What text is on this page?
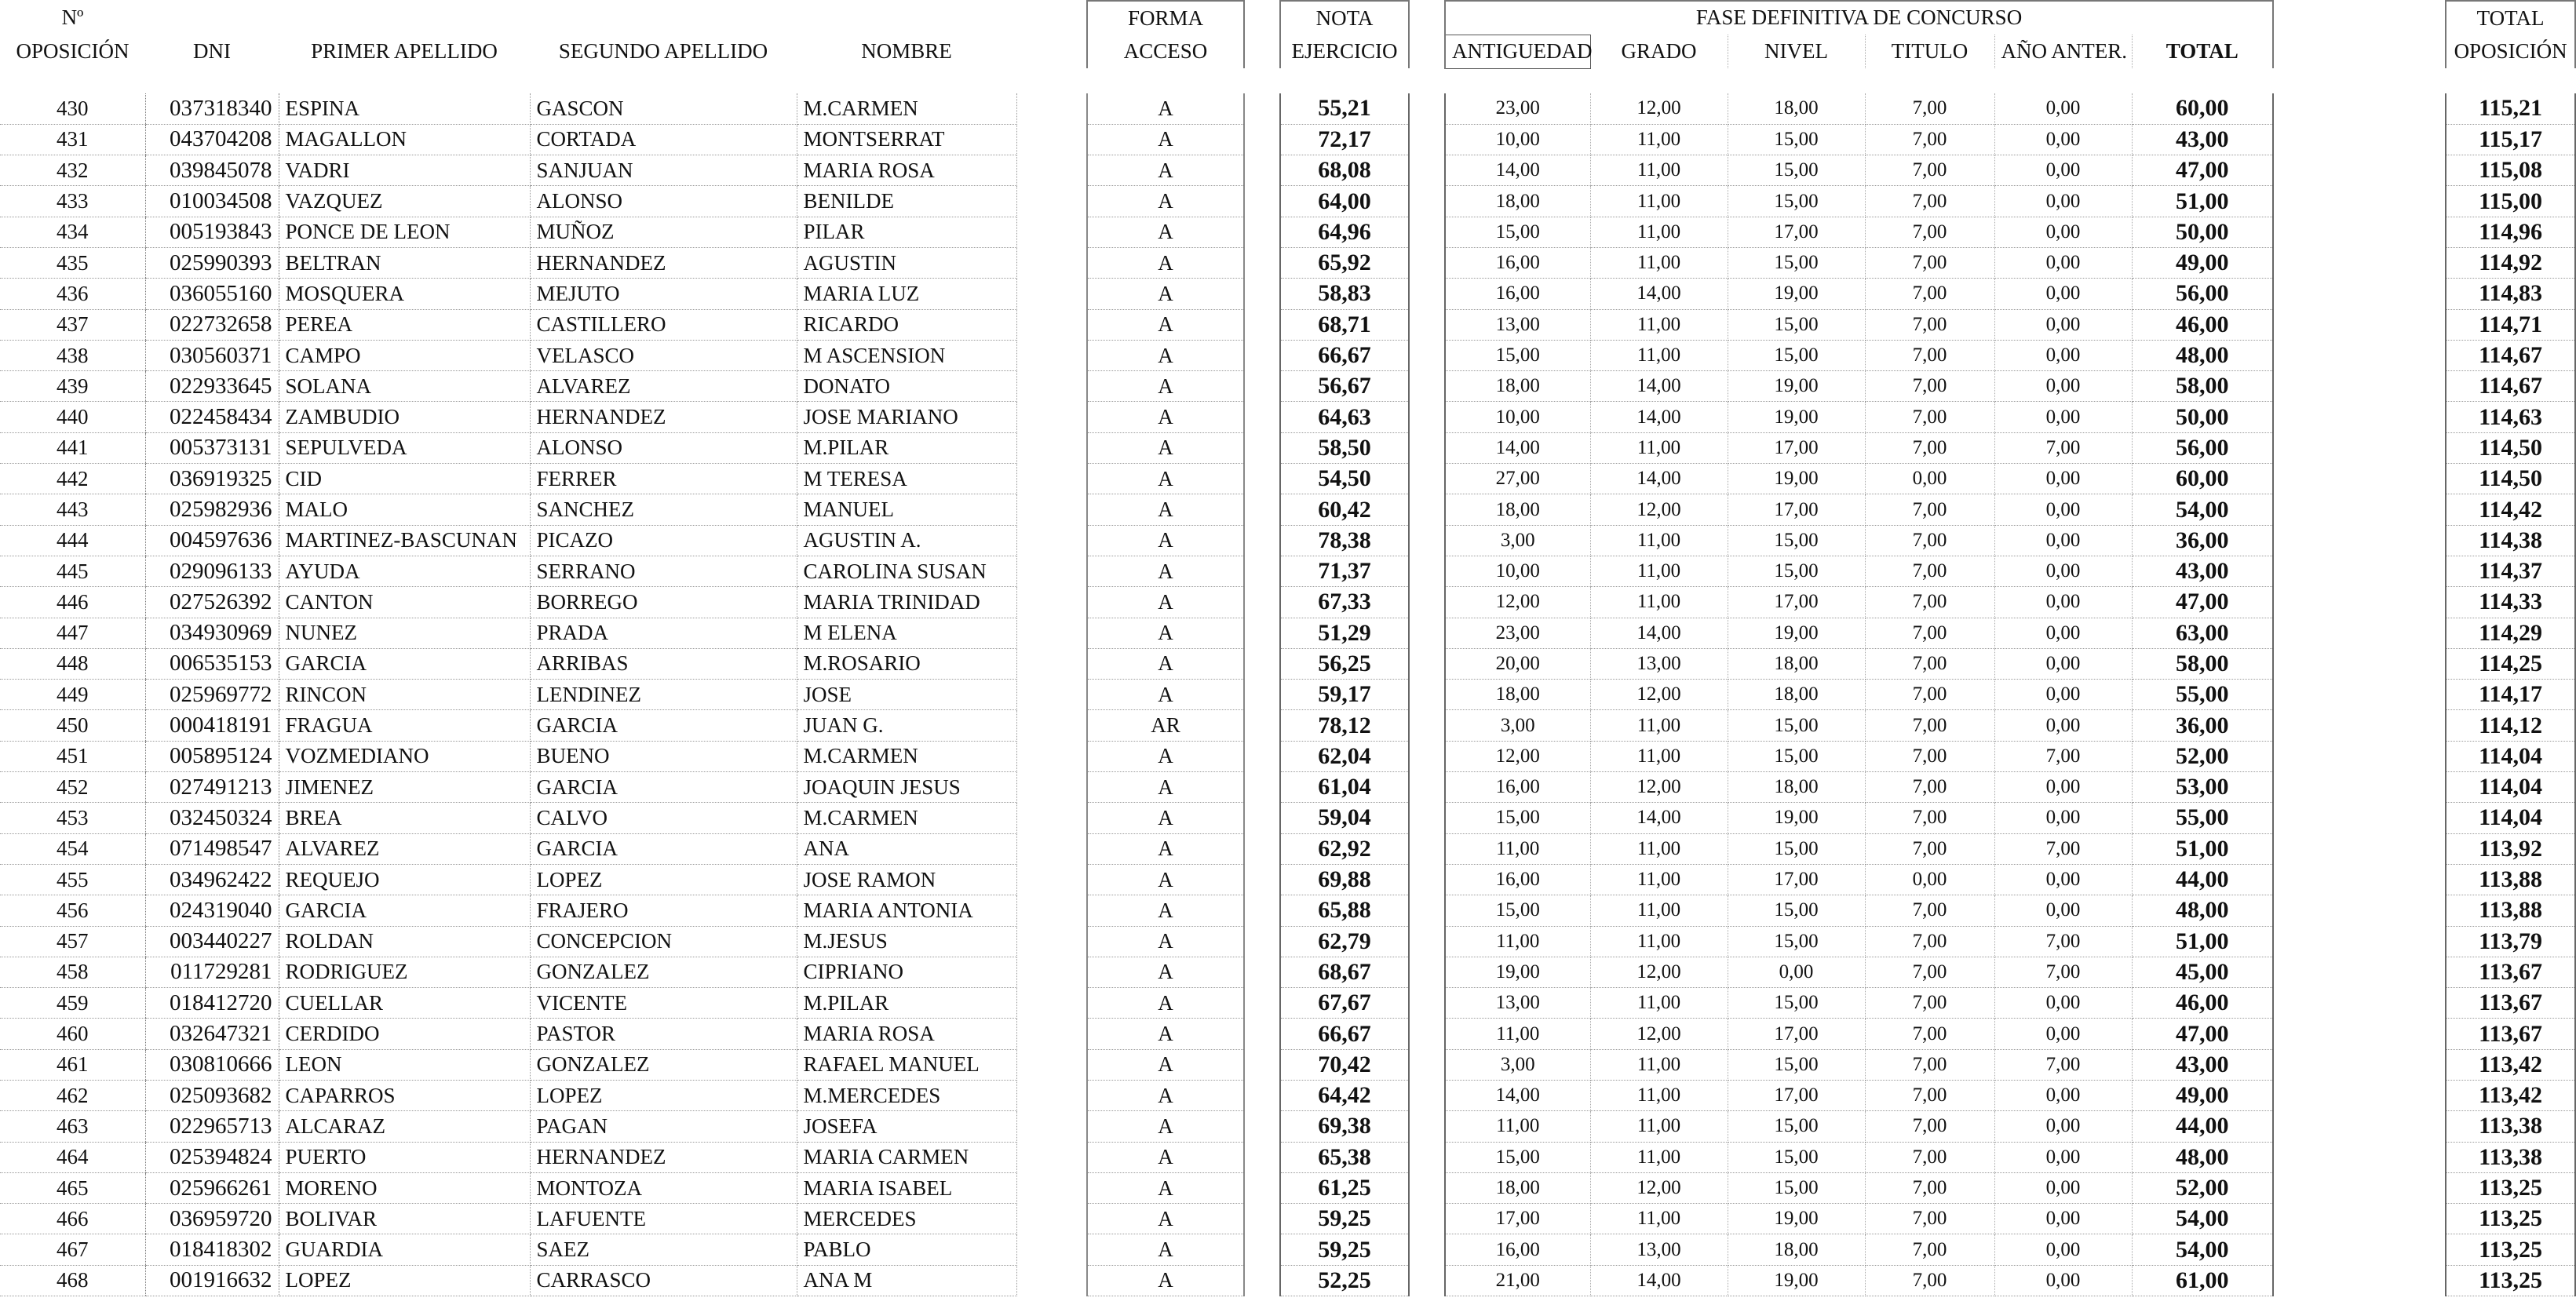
Nº						FORMA		NOTA		FASE DEFINITIVA DE CONCURSO								TOTAL
OPOSICIÓN	DNI	PRIMER APELLIDO	SEGUNDO APELLIDO	NOMBRE		ACCESO		EJERCICIO		ANTIGUEDAD	GRADO	NIVEL	TITULO	AÑO ANTER.	TOTAL			OPOSICIÓN

430	037318340	ESPINA	GASCON	M.CARMEN		A		55,21		23,00	12,00	18,00	7,00	0,00	60,00			115,21
431	043704208	MAGALLON	CORTADA	MONTSERRAT		A		72,17		10,00	11,00	15,00	7,00	0,00	43,00			115,17
432	039845078	VADRI	SANJUAN	MARIA ROSA		A		68,08		14,00	11,00	15,00	7,00	0,00	47,00			115,08
433	010034508	VAZQUEZ	ALONSO	BENILDE		A		64,00		18,00	11,00	15,00	7,00	0,00	51,00			115,00
434	005193843	PONCE DE LEON	MUÑOZ	PILAR		A		64,96		15,00	11,00	17,00	7,00	0,00	50,00			114,96
435	025990393	BELTRAN	HERNANDEZ	AGUSTIN		A		65,92		16,00	11,00	15,00	7,00	0,00	49,00			114,92
436	036055160	MOSQUERA	MEJUTO	MARIA LUZ		A		58,83		16,00	14,00	19,00	7,00	0,00	56,00			114,83
437	022732658	PEREA	CASTILLERO	RICARDO		A		68,71		13,00	11,00	15,00	7,00	0,00	46,00			114,71
438	030560371	CAMPO	VELASCO	M ASCENSION		A		66,67		15,00	11,00	15,00	7,00	0,00	48,00			114,67
439	022933645	SOLANA	ALVAREZ	DONATO		A		56,67		18,00	14,00	19,00	7,00	0,00	58,00			114,67
440	022458434	ZAMBUDIO	HERNANDEZ	JOSE MARIANO		A		64,63		10,00	14,00	19,00	7,00	0,00	50,00			114,63
441	005373131	SEPULVEDA	ALONSO	M.PILAR		A		58,50		14,00	11,00	17,00	7,00	7,00	56,00			114,50
442	036919325	CID	FERRER	M TERESA		A		54,50		27,00	14,00	19,00	0,00	0,00	60,00			114,50
443	025982936	MALO	SANCHEZ	MANUEL		A		60,42		18,00	12,00	17,00	7,00	0,00	54,00			114,42
444	004597636	MARTINEZ-BASCUNAN	PICAZO	AGUSTIN A.		A		78,38		3,00	11,00	15,00	7,00	0,00	36,00			114,38
445	029096133	AYUDA	SERRANO	CAROLINA SUSAN		A		71,37		10,00	11,00	15,00	7,00	0,00	43,00			114,37
446	027526392	CANTON	BORREGO	MARIA TRINIDAD		A		67,33		12,00	11,00	17,00	7,00	0,00	47,00			114,33
447	034930969	NUNEZ	PRADA	M ELENA		A		51,29		23,00	14,00	19,00	7,00	0,00	63,00			114,29
448	006535153	GARCIA	ARRIBAS	M.ROSARIO		A		56,25		20,00	13,00	18,00	7,00	0,00	58,00			114,25
449	025969772	RINCON	LENDINEZ	JOSE		A		59,17		18,00	12,00	18,00	7,00	0,00	55,00			114,17
450	000418191	FRAGUA	GARCIA	JUAN G.		AR		78,12		3,00	11,00	15,00	7,00	0,00	36,00			114,12
451	005895124	VOZMEDIANO	BUENO	M.CARMEN		A		62,04		12,00	11,00	15,00	7,00	7,00	52,00			114,04
452	027491213	JIMENEZ	GARCIA	JOAQUIN JESUS		A		61,04		16,00	12,00	18,00	7,00	0,00	53,00			114,04
453	032450324	BREA	CALVO	M.CARMEN		A		59,04		15,00	14,00	19,00	7,00	0,00	55,00			114,04
454	071498547	ALVAREZ	GARCIA	ANA		A		62,92		11,00	11,00	15,00	7,00	7,00	51,00			113,92
455	034962422	REQUEJO	LOPEZ	JOSE RAMON		A		69,88		16,00	11,00	17,00	0,00	0,00	44,00			113,88
456	024319040	GARCIA	FRAJERO	MARIA ANTONIA		A		65,88		15,00	11,00	15,00	7,00	0,00	48,00			113,88
457	003440227	ROLDAN	CONCEPCION	M.JESUS		A		62,79		11,00	11,00	15,00	7,00	7,00	51,00			113,79
458	011729281	RODRIGUEZ	GONZALEZ	CIPRIANO		A		68,67		19,00	12,00	0,00	7,00	7,00	45,00			113,67
459	018412720	CUELLAR	VICENTE	M.PILAR		A		67,67		13,00	11,00	15,00	7,00	0,00	46,00			113,67
460	032647321	CERDIDO	PASTOR	MARIA ROSA		A		66,67		11,00	12,00	17,00	7,00	0,00	47,00			113,67
461	030810666	LEON	GONZALEZ	RAFAEL MANUEL		A		70,42		3,00	11,00	15,00	7,00	7,00	43,00			113,42
462	025093682	CAPARROS	LOPEZ	M.MERCEDES		A		64,42		14,00	11,00	17,00	7,00	0,00	49,00			113,42
463	022965713	ALCARAZ	PAGAN	JOSEFA		A		69,38		11,00	11,00	15,00	7,00	0,00	44,00			113,38
464	025394824	PUERTO	HERNANDEZ	MARIA CARMEN		A		65,38		15,00	11,00	15,00	7,00	0,00	48,00			113,38
465	025966261	MORENO	MONTOZA	MARIA ISABEL		A		61,25		18,00	12,00	15,00	7,00	0,00	52,00			113,25
466	036959720	BOLIVAR	LAFUENTE	MERCEDES		A		59,25		17,00	11,00	19,00	7,00	0,00	54,00			113,25
467	018418302	GUARDIA	SAEZ	PABLO		A		59,25		16,00	13,00	18,00	7,00	0,00	54,00			113,25
468	001916632	LOPEZ	CARRASCO	ANA M		A		52,25		21,00	14,00	19,00	7,00	0,00	61,00			113,25
